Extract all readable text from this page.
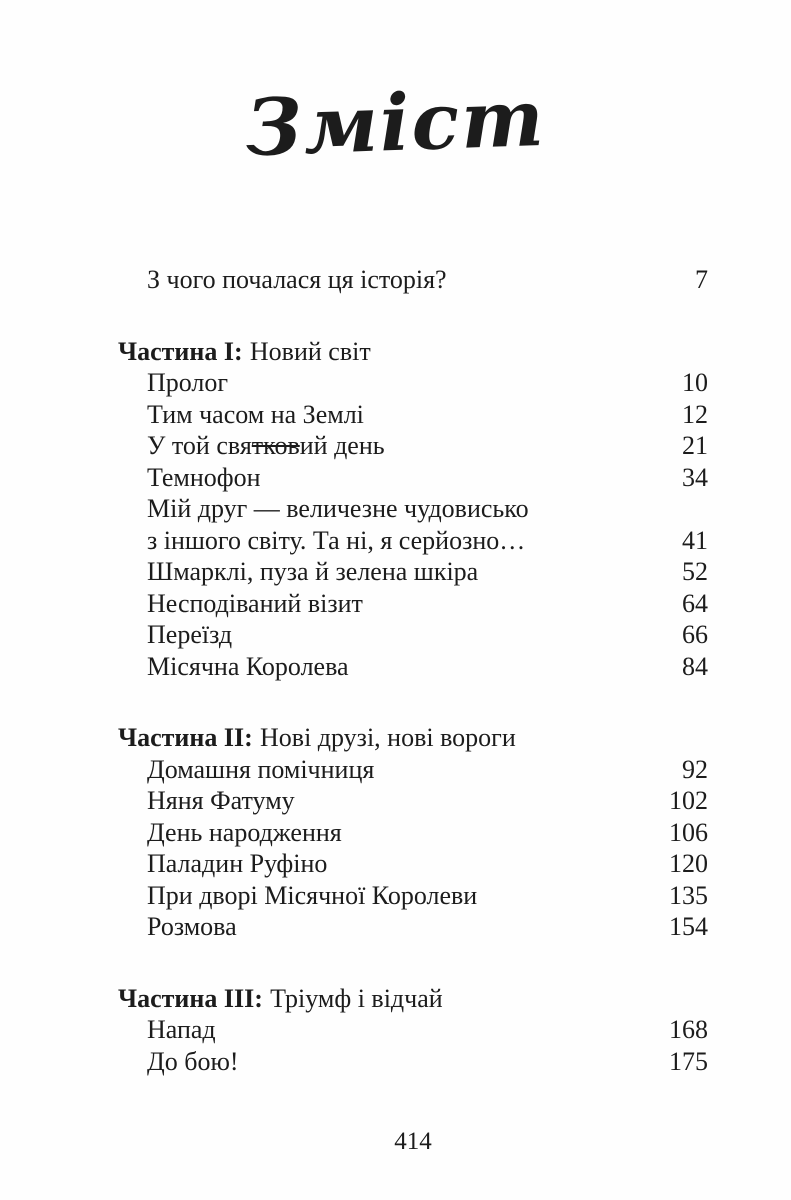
Зміст
З чого почалася ця історія?	7
Частина I: Новий світ
Пролог	10
Тим часом на Землі	12
У той святковий день	21
Темнофон	34
Мій друг — величезне чудовисько
з іншого світу. Та ні, я серйозно…	41
Шмарклі, пуза й зелена шкіра	52
Несподіваний візит	64
Переїзд	66
Місячна Королева	84
Частина II: Нові друзі, нові вороги
Домашня помічниця	92
Няня Фатуму	102
День народження	106
Паладин Руфіно	120
При дворі Місячної Королеви	135
Розмова	154
Частина III: Тріумф і відчай
Напад	168
До бою!	175
414
